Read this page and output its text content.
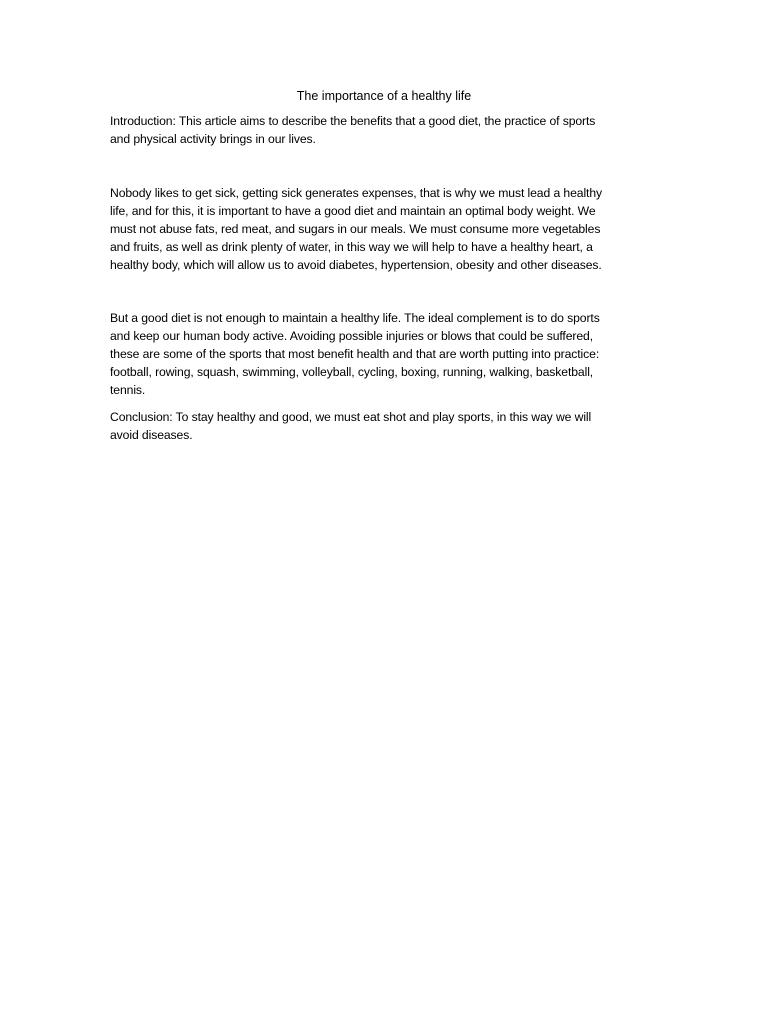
The importance of a healthy life

Introduction: This article aims to describe the benefits that a good diet, the practice of sports
and physical activity brings in our lives.

Nobody likes to get sick, getting sick generates expenses, that is why we must lead a healthy
life, and for this, it is important to have a good diet and maintain an optimal body weight. We
must not abuse fats, red meat, and sugars in our meals. We must consume more vegetables
and fruits, as well as drink plenty of water, in this way we will help to have a healthy heart, a
healthy body, which will allow us to avoid diabetes, hypertension, obesity and other diseases.

But a good diet is not enough to maintain a healthy life. The ideal complement is to do sports
and keep our human body active. Avoiding possible injuries or blows that could be suffered,
these are some of the sports that most benefit health and that are worth putting into practice:
football, rowing, squash, swimming, volleyball, cycling, boxing, running, walking, basketball,
tennis.

Conclusion: To stay healthy and good, we must eat shot and play sports, in this way we will
avoid diseases.
